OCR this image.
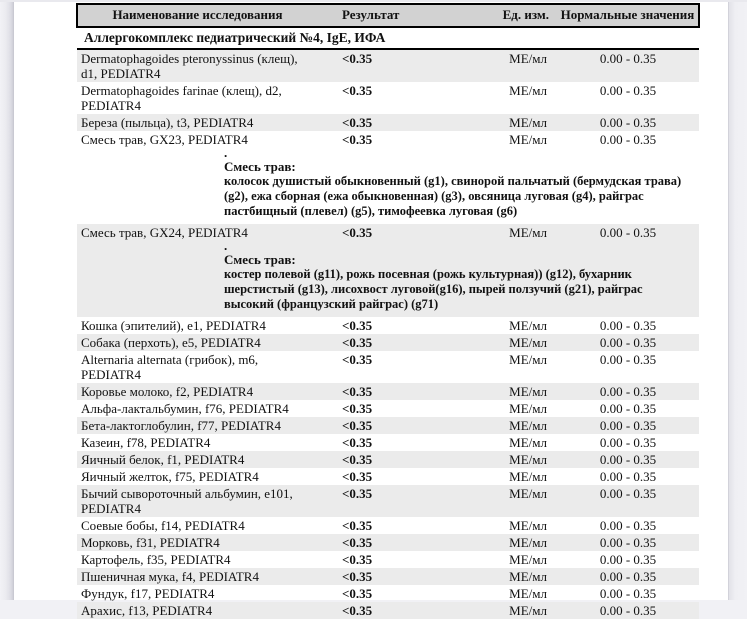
Наименование исследования	Результат	Ед. изм.	Нормальные значения
Аллергокомплекс педиатрический №4, IgE, ИФА			
Dermatophagoides pteronyssinus (клещ), d1, PEDIATR4	<0.35	МЕ/мл	0.00 - 0.35
Dermatophagoides farinae (клещ), d2, PEDIATR4	<0.35	МЕ/мл	0.00 - 0.35
Береза (пыльца), t3, PEDIATR4	<0.35	МЕ/мл	0.00 - 0.35
Смесь трав, GX23, PEDIATR4	<0.35	МЕ/мл	0.00 - 0.35

.
Смесь трав:
колосок душистый обыкновенный (g1), свинорой пальчатый (бермудская трава) (g2), ежа сборная (ежа обыкновенная) (g3), овсяница луговая (g4), райграс пастбищный (плевел) (g5), тимофеевка луговая (g6)			

Смесь трав, GX24, PEDIATR4	<0.35	МЕ/мл	0.00 - 0.35

.
Смесь трав:
костер полевой (g11), рожь посевная (рожь культурная)) (g12), бухарник шерстистый (g13), лисохвост луговой(g16), пырей ползучий (g21), райграс высокий (французский райграс) (g71)			

Кошка (эпителий), e1, PEDIATR4	<0.35	МЕ/мл	0.00 - 0.35
Собака (перхоть), e5, PEDIATR4	<0.35	МЕ/мл	0.00 - 0.35
Alternaria alternata (грибок), m6, PEDIATR4	<0.35	МЕ/мл	0.00 - 0.35
Коровье молоко, f2, PEDIATR4	<0.35	МЕ/мл	0.00 - 0.35
Альфа-лактальбумин, f76, PEDIATR4	<0.35	МЕ/мл	0.00 - 0.35
Бета-лактоглобулин, f77, PEDIATR4	<0.35	МЕ/мл	0.00 - 0.35
Казеин, f78, PEDIATR4	<0.35	МЕ/мл	0.00 - 0.35
Яичный белок, f1, PEDIATR4	<0.35	МЕ/мл	0.00 - 0.35
Яичный желток, f75, PEDIATR4	<0.35	МЕ/мл	0.00 - 0.35
Бычий сывороточный альбумин, e101, PEDIATR4	<0.35	МЕ/мл	0.00 - 0.35
Соевые бобы, f14, PEDIATR4	<0.35	МЕ/мл	0.00 - 0.35
Морковь, f31, PEDIATR4	<0.35	МЕ/мл	0.00 - 0.35
Картофель, f35, PEDIATR4	<0.35	МЕ/мл	0.00 - 0.35
Пшеничная мука, f4, PEDIATR4	<0.35	МЕ/мл	0.00 - 0.35
Фундук, f17, PEDIATR4	<0.35	МЕ/мл	0.00 - 0.35
Арахис, f13, PEDIATR4	<0.35	МЕ/мл	0.00 - 0.35
